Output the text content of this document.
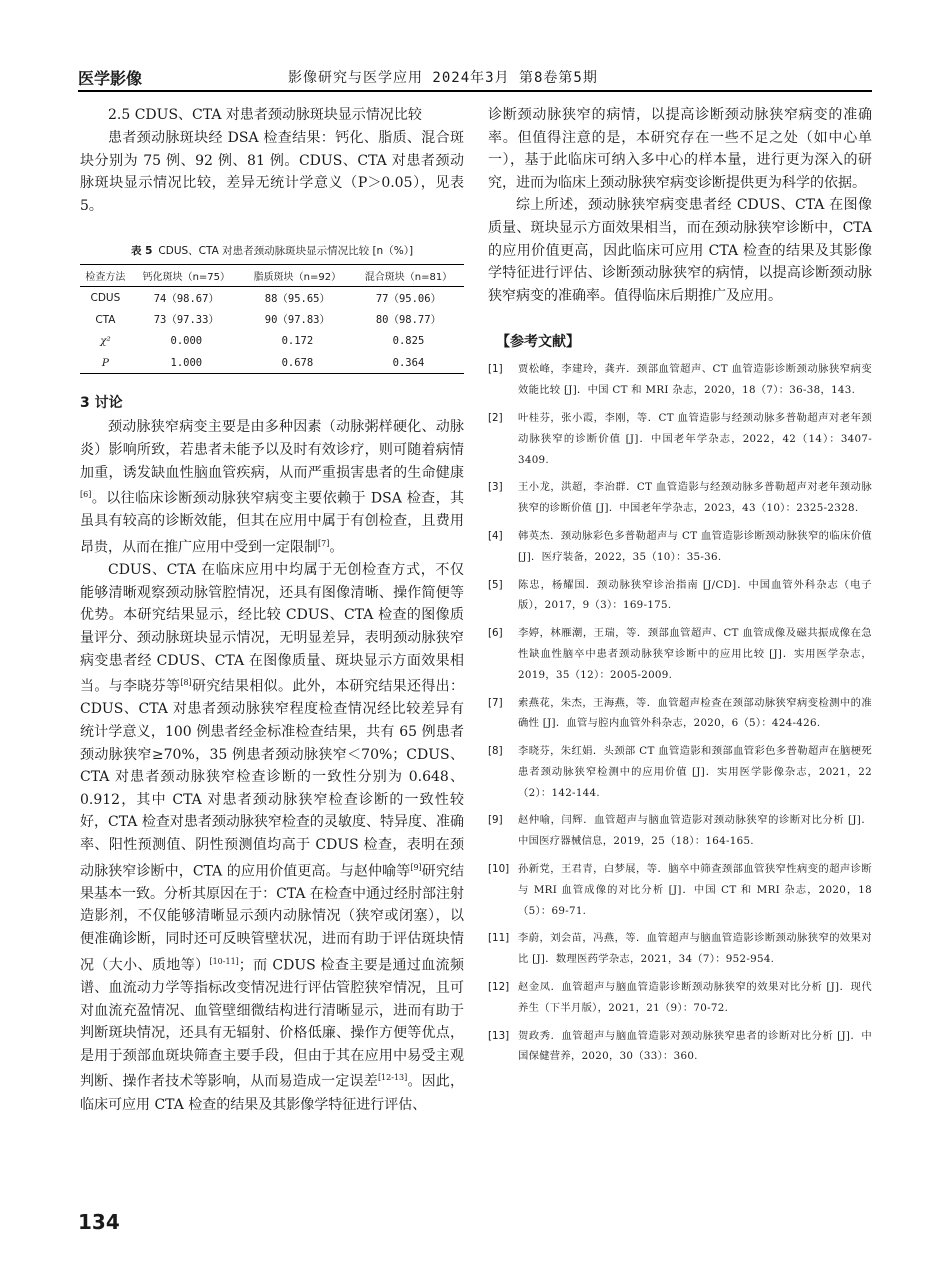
医学影像	影像研究与医学应用 2024年3月 第8卷第5期

2.5 CDUS、CTA 对患者颈动脉斑块显示情况比较

患者颈动脉斑块经 DSA 检查结果：钙化、脂质、混合斑块分别为 75 例、92 例、81 例。CDUS、CTA 对患者颈动脉斑块显示情况比较，差异无统计学意义（P＞0.05），见表 5。

表 5 CDUS、CTA 对患者颈动脉斑块显示情况比较 [n（%）]
检查方法	钙化斑块（n=75）	脂质斑块（n=92）	混合斑块（n=81）
CDUS	74（98.67）	88（95.65）	77（95.06）
CTA	73（97.33）	90（97.83）	80（98.77）
χ²	0.000	0.172	0.825
P	1.000	0.678	0.364
3 讨论

颈动脉狭窄病变主要是由多种因素（动脉粥样硬化、动脉炎）影响所致，若患者未能予以及时有效诊疗，则可随着病情加重，诱发缺血性脑血管疾病，从而严重损害患者的生命健康[6]。以往临床诊断颈动脉狭窄病变主要依赖于 DSA 检查，其虽具有较高的诊断效能，但其在应用中属于有创检查，且费用昂贵，从而在推广应用中受到一定限制[7]。

CDUS、CTA 在临床应用中均属于无创检查方式，不仅能够清晰观察颈动脉管腔情况，还具有图像清晰、操作简便等优势。本研究结果显示，经比较 CDUS、CTA 检查的图像质量评分、颈动脉斑块显示情况，无明显差异，表明颈动脉狭窄病变患者经 CDUS、CTA 在图像质量、斑块显示方面效果相当。与李晓芬等[8]研究结果相似。此外，本研究结果还得出：CDUS、CTA 对患者颈动脉狭窄程度检查情况经比较差异有统计学意义，100 例患者经金标准检查结果，共有 65 例患者颈动脉狭窄≥70%，35 例患者颈动脉狭窄＜70%；CDUS、CTA 对患者颈动脉狭窄检查诊断的一致性分别为 0.648、0.912，其中 CTA 对患者颈动脉狭窄检查诊断的一致性较好，CTA 检查对患者颈动脉狭窄检查的灵敏度、特异度、准确率、阳性预测值、阴性预测值均高于 CDUS 检查，表明在颈动脉狭窄诊断中，CTA 的应用价值更高。与赵仲喻等[9]研究结果基本一致。分析其原因在于：CTA 在检查中通过经肘部注射造影剂，不仅能够清晰显示颈内动脉情况（狭窄或闭塞），以便准确诊断，同时还可反映管壁状况，进而有助于评估斑块情况（大小、质地等）[10-11]；而 CDUS 检查主要是通过血流频谱、血流动力学等指标改变情况进行评估管腔狭窄情况，且可对血流充盈情况、血管壁细微结构进行清晰显示，进而有助于判断斑块情况，还具有无辐射、价格低廉、操作方便等优点，是用于颈部血斑块筛查主要手段，但由于其在应用中易受主观判断、操作者技术等影响，从而易造成一定误差[12-13]。因此，临床可应用 CTA 检查的结果及其影像学特征进行评估、

诊断颈动脉狭窄的病情，以提高诊断颈动脉狭窄病变的准确率。但值得注意的是，本研究存在一些不足之处（如中心单一），基于此临床可纳入多中心的样本量，进行更为深入的研究，进而为临床上颈动脉狭窄病变诊断提供更为科学的依据。

综上所述，颈动脉狭窄病变患者经 CDUS、CTA 在图像质量、斑块显示方面效果相当，而在颈动脉狭窄诊断中，CTA 的应用价值更高，因此临床可应用 CTA 检查的结果及其影像学特征进行评估、诊断颈动脉狭窄的病情，以提高诊断颈动脉狭窄病变的准确率。值得临床后期推广及应用。

【参考文献】
[1] 贾松峰，李建玲，龚卉．颈部血管超声、CT 血管造影诊断颈动脉狭窄病变效能比较 [J]．中国 CT 和 MRI 杂志，2020，18（7）：36-38，143.
[2] 叶桂芬，张小霞，李刚，等．CT 血管造影与经颈动脉多普勒超声对老年颈动脉狭窄的诊断价值 [J]．中国老年学杂志，2022，42（14）：3407-3409.
[3] 王小龙，洪超，李治群．CT 血管造影与经颈动脉多普勒超声对老年颈动脉狭窄的诊断价值 [J]．中国老年学杂志，2023，43（10）：2325-2328.
[4] 韩英杰．颈动脉彩色多普勒超声与 CT 血管造影诊断颈动脉狭窄的临床价值 [J]．医疗装备，2022，35（10）：35-36.
[5] 陈忠，杨耀国．颈动脉狭窄诊治指南 [J/CD]．中国血管外科杂志（电子版），2017，9（3）：169-175.
[6] 李婷，林雁潮，王瑞，等．颈部血管超声、CT 血管成像及磁共振成像在急性缺血性脑卒中患者颈动脉狭窄诊断中的应用比较 [J]．实用医学杂志，2019，35（12）：2005-2009.
[7] 索燕花，朱杰，王海燕，等．血管超声检查在颈部动脉狭窄病变检测中的准确性 [J]．血管与腔内血管外科杂志，2020，6（5）：424-426.
[8] 李晓芬，朱红娟．头颈部 CT 血管造影和颈部血管彩色多普勒超声在脑梗死患者颈动脉狭窄检测中的应用价值 [J]．实用医学影像杂志，2021，22（2）：142-144.
[9] 赵仲喻，闫辉．血管超声与脑血管造影对颈动脉狭窄的诊断对比分析 [J]．中国医疗器械信息，2019，25（18）：164-165.
[10] 孙新党，王君青，白梦展，等．脑卒中筛查颈部血管狭窄性病变的超声诊断与 MRI 血管成像的对比分析 [J]．中国 CT 和 MRI 杂志，2020，18（5）：69-71.
[11] 李蔚，刘会苗，冯燕，等．血管超声与脑血管造影诊断颈动脉狭窄的效果对比 [J]．数理医药学杂志，2021，34（7）：952-954.
[12] 赵金凤．血管超声与脑血管造影诊断颈动脉狭窄的效果对比分析 [J]．现代养生（下半月版），2021，21（9）：70-72.
[13] 贺政秀．血管超声与脑血管造影对颈动脉狭窄患者的诊断对比分析 [J]．中国保健营养，2020，30（33）：360.
134
